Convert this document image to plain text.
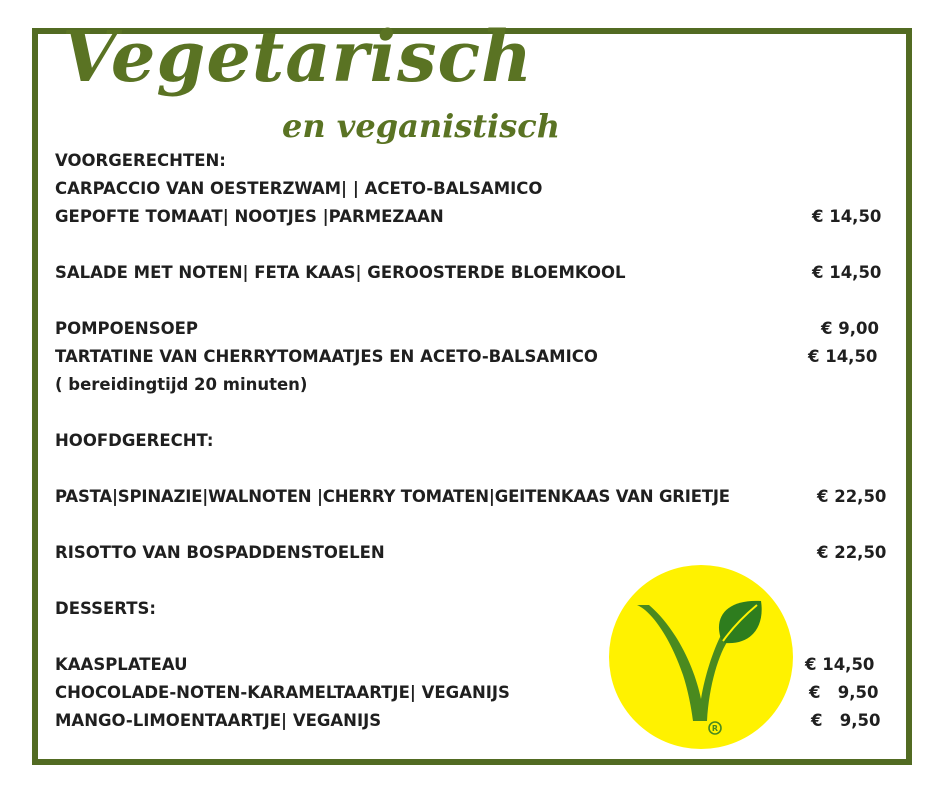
Vegetarisch
en veganistisch
VOORGERECHTEN:
CARPACCIO VAN OESTERZWAM| | ACETO-BALSAMICO
GEPOFTE TOMAAT| NOOTJES |PARMEZAAN	€ 14,50
SALADE MET NOTEN| FETA KAAS| GEROOSTERDE BLOEMKOOL	€ 14,50
POMPOENSOEP	€ 9,00
TARTATINE VAN CHERRYTOMAATJES EN ACETO-BALSAMICO	€ 14,50
( bereidingtijd 20 minuten)
HOOFDGERECHT:
PASTA|SPINAZIE|WALNOTEN |CHERRY TOMATEN|GEITENKAAS VAN GRIETJE	€ 22,50
RISOTTO VAN BOSPADDENSTOELEN	€ 22,50
DESSERTS:
KAASPLATEAU	€ 14,50
CHOCOLADE-NOTEN-KARAMELTAARTJE| VEGANIJS	€   9,50
MANGO-LIMOENTAARTJE| VEGANIJS	€   9,50
R
